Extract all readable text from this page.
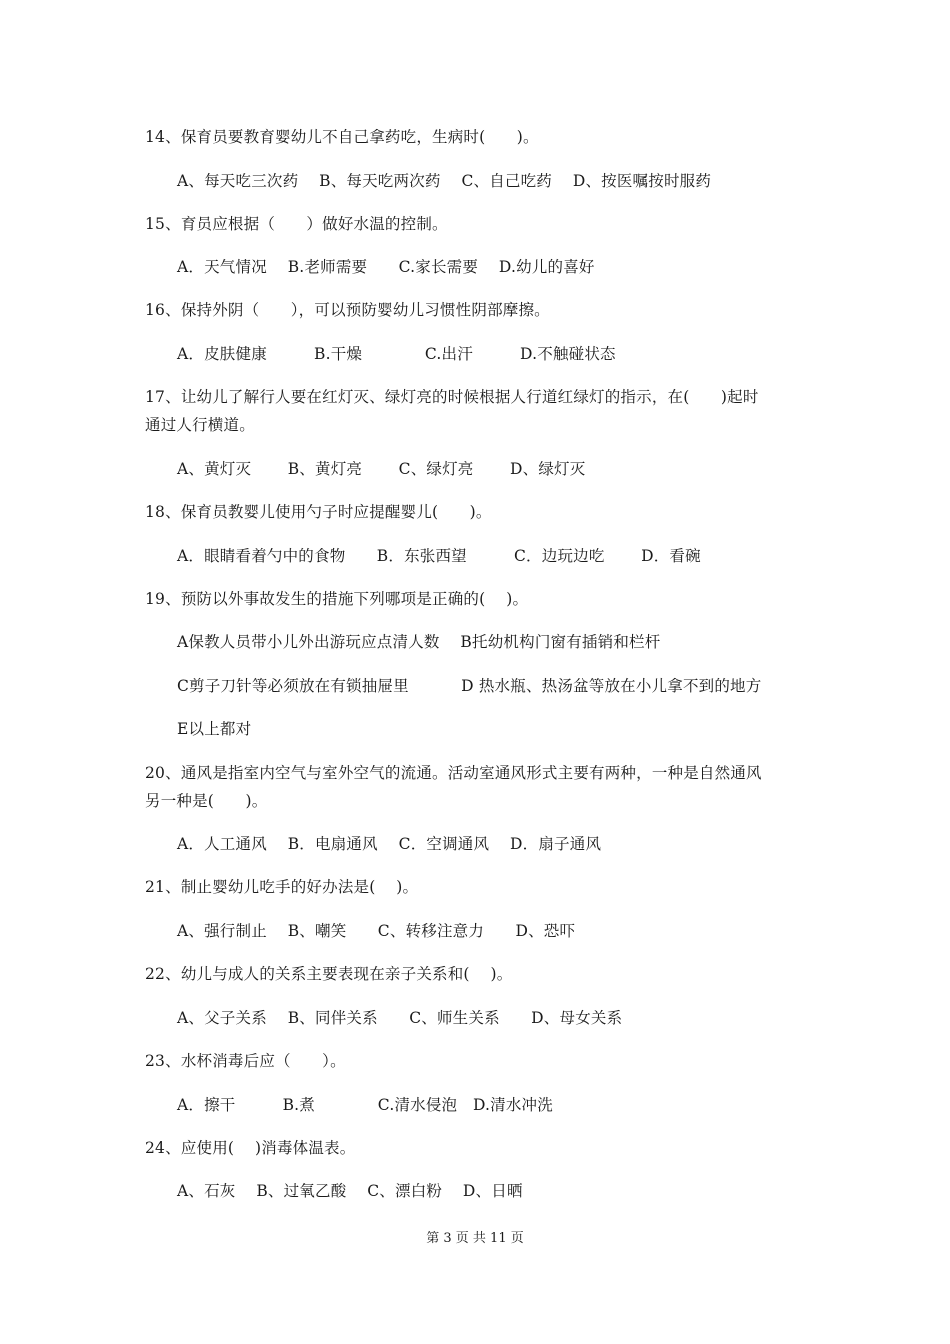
14、保育员要教育婴幼儿不自己拿药吃，生病时(　　)。
A、每天吃三次药　 B、每天吃两次药　 C、自己吃药　 D、按医嘱按时服药
15、育员应根据（　　）做好水温的控制。
A．天气情况　 B.老师需要　　C.家长需要　 D.幼儿的喜好
16、保持外阴（　　），可以预防婴幼儿习惯性阴部摩擦。
A．皮肤健康　　　B.干燥　　　　C.出汗　　　D.不触碰状态
17、让幼儿了解行人要在红灯灭、绿灯亮的时候根据人行道红绿灯的指示，在(　　)起时
通过人行横道。
A、黄灯灭　　 B、黄灯亮　　 C、绿灯亮　　 D、绿灯灭
18、保育员教婴儿使用勺子时应提醒婴儿(　　)。
A．眼睛看着勺中的食物　　B．东张西望　　　C．边玩边吃　　 D．看碗
19、预防以外事故发生的措施下列哪项是正确的(　 )。
A保教人员带小儿外出游玩应点清人数　 B托幼机构门窗有插销和栏杆
C剪子刀针等必须放在有锁抽屉里　　　 D 热水瓶、热汤盆等放在小儿拿不到的地方
E以上都对
20、通风是指室内空气与室外空气的流通。活动室通风形式主要有两种，一种是自然通风
另一种是(　　)。
A．人工通风　 B．电扇通风　 C．空调通风　 D．扇子通风
21、制止婴幼儿吃手的好办法是(　 )。
A、强行制止　 B、嘲笑　　C、转移注意力　　D、恐吓
22、幼儿与成人的关系主要表现在亲子关系和(　 )。
A、父子关系　 B、同伴关系　　C、师生关系　　D、母女关系
23、水杯消毒后应（　　）。
A．擦干　　　B.煮　　　　C.清水侵泡　D.清水冲洗
24、应使用(　 )消毒体温表。
A、石灰　 B、过氧乙酸　 C、漂白粉　 D、日晒
第 3 页 共 11 页
